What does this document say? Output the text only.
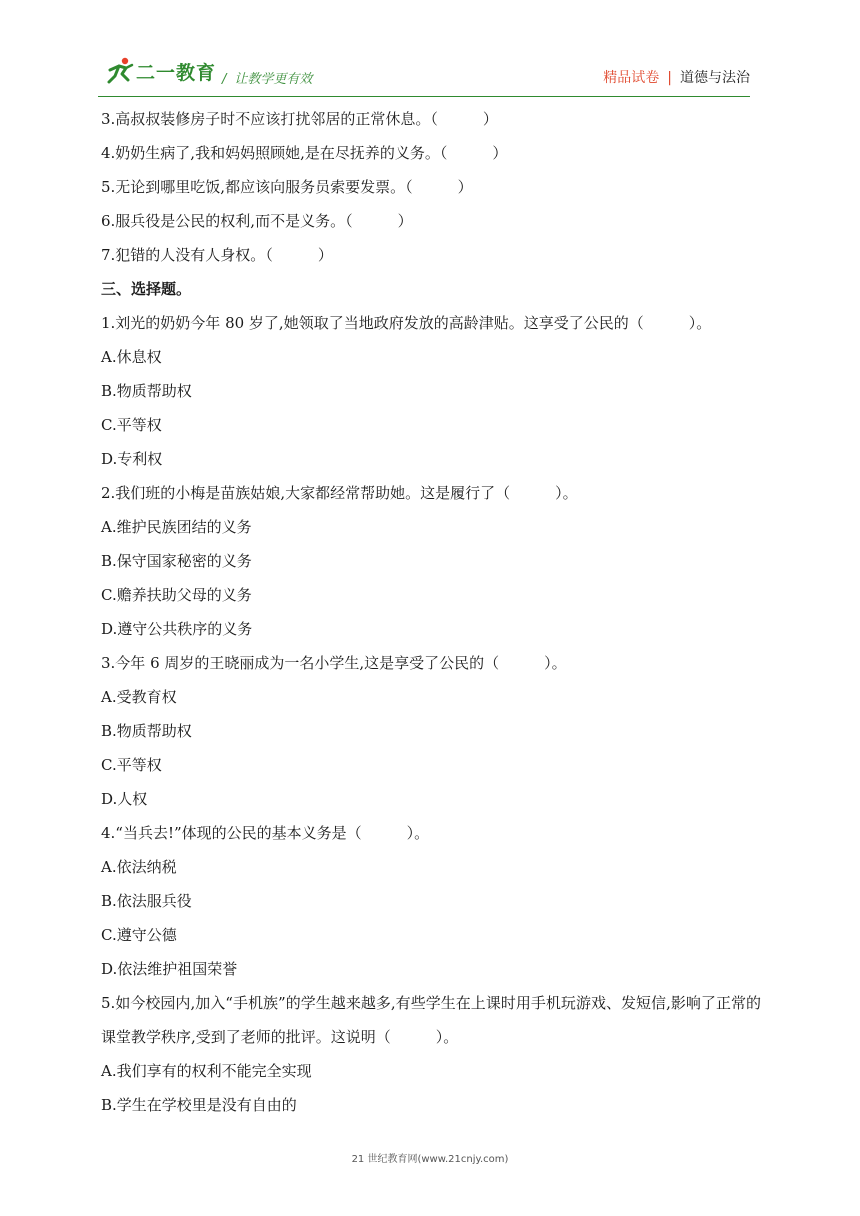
二一教育 / 让教学更有效	精品试卷 | 道德与法治
3.高叔叔装修房子时不应该打扰邻居的正常休息。（　　　）
4.奶奶生病了,我和妈妈照顾她,是在尽抚养的义务。（　　　）
5.无论到哪里吃饭,都应该向服务员索要发票。（　　　）
6.服兵役是公民的权利,而不是义务。（　　　）
7.犯错的人没有人身权。（　　　）
三、选择题。
1.刘光的奶奶今年 80 岁了,她领取了当地政府发放的高龄津贴。这享受了公民的（　　　）。
A.休息权
B.物质帮助权
C.平等权
D.专利权
2.我们班的小梅是苗族姑娘,大家都经常帮助她。这是履行了（　　　）。
A.维护民族团结的义务
B.保守国家秘密的义务
C.赡养扶助父母的义务
D.遵守公共秩序的义务
3.今年 6 周岁的王晓丽成为一名小学生,这是享受了公民的（　　　）。
A.受教育权
B.物质帮助权
C.平等权
D.人权
4.“当兵去!”体现的公民的基本义务是（　　　）。
A.依法纳税
B.依法服兵役
C.遵守公德
D.依法维护祖国荣誉
5.如今校园内,加入“手机族”的学生越来越多,有些学生在上课时用手机玩游戏、发短信,影响了正常的课堂教学秩序,受到了老师的批评。这说明（　　　）。
A.我们享有的权利不能完全实现
B.学生在学校里是没有自由的
21 世纪教育网(www.21cnjy.com)
